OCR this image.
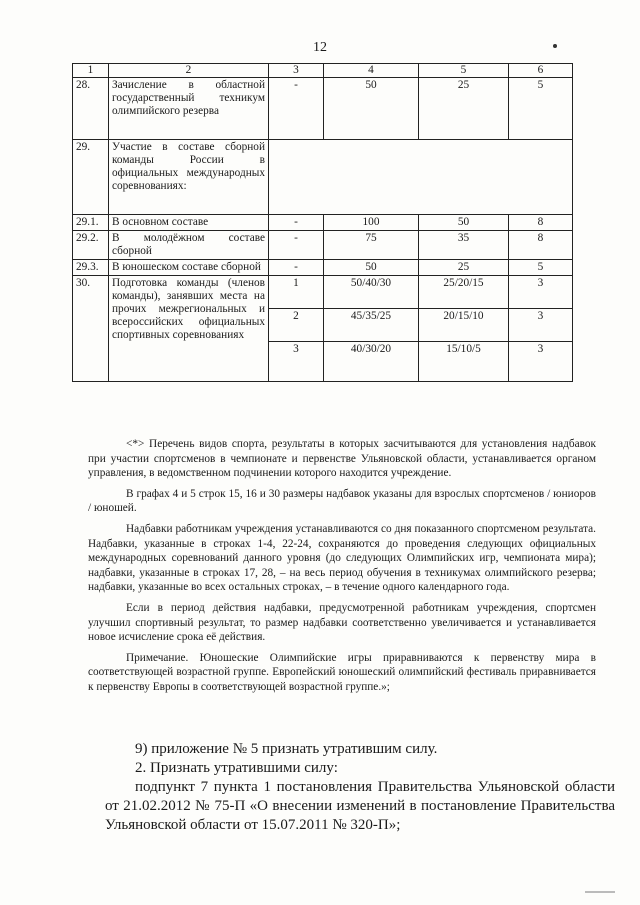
12
1	2	3	4	5	6
28.	Зачисление в областной государственный техникум олимпийского резерва	-	50	25	5
29.	Участие в составе сборной команды России в официальных международных соревнованиях:				
29.1.	В основном составе	-	100	50	8
29.2.	В молодёжном составе сборной	-	75	35	8
29.3.	В юношеском составе сборной	-	50	25	5
30.	Подготовка команды (членов команды), занявших места на прочих межрегиональных и всероссийских официальных спортивных соревнованиях	1	50/40/30	25/20/15	3
		2	45/35/25	20/15/10	3
		3	40/30/20	15/10/5	3

<*> Перечень видов спорта, результаты в которых засчитываются для установления надбавок при участии спортсменов в чемпионате и первенстве Ульяновской области, устанавливается органом управления, в ведомственном подчинении которого находится учреждение.

В графах 4 и 5 строк 15, 16 и 30 размеры надбавок указаны для взрослых спортсменов / юниоров / юношей.

Надбавки работникам учреждения устанавливаются со дня показанного спортсменом результата. Надбавки, указанные в строках 1-4, 22-24, сохраняются до проведения следующих официальных международных соревнований данного уровня (до следующих Олимпийских игр, чемпионата мира); надбавки, указанные в строках 17, 28, – на весь период обучения в техникумах олимпийского резерва; надбавки, указанные во всех остальных строках, – в течение одного календарного года.

Если в период действия надбавки, предусмотренной работникам учреждения, спортсмен улучшил спортивный результат, то размер надбавки соответственно увеличивается и устанавливается новое исчисление срока её действия.

Примечание. Юношеские Олимпийские игры приравниваются к первенству мира в соответствующей возрастной группе. Европейский юношеский олимпийский фестиваль приравнивается к первенству Европы в соответствующей возрастной группе.»;

9) приложение № 5 признать утратившим силу.

2. Признать утратившими силу:

подпункт 7 пункта 1 постановления Правительства Ульяновской области от 21.02.2012 № 75-П «О внесении изменений в постановление Правительства Ульяновской области от 15.07.2011 № 320-П»;
